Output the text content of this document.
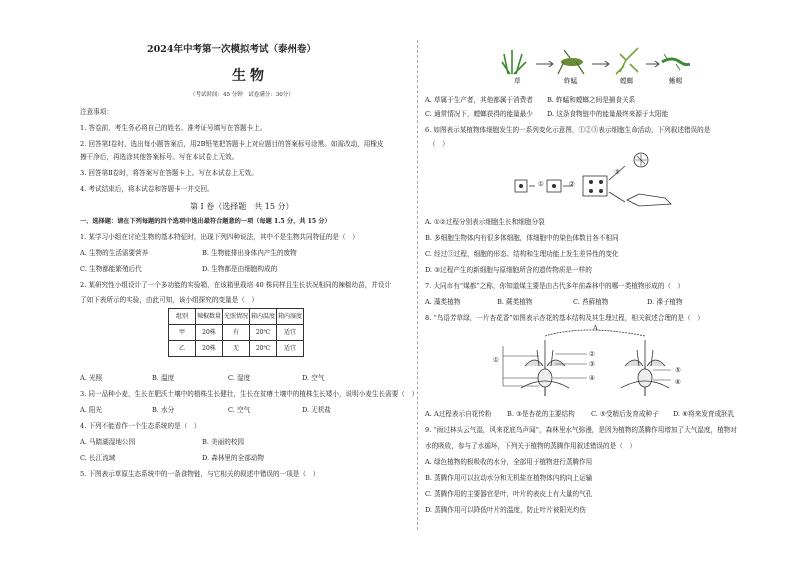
2024年中考第一次模拟考试（泰州卷）
生物
（考试时间：45 分钟　试卷满分：30分）
注意事项：
1. 答卷前，考生务必将自己的姓名、准考证号填写在答题卡上。
2. 回答第Ⅰ卷时，选出每小题答案后，用2B铅笔把答题卡上对应题目的答案标号涂黑。如需改动，用橡皮
擦干净后，再选涂其他答案标号。写在本试卷上无效。
3. 回答第Ⅱ卷时，将答案写在答题卡上。写在本试卷上无效。
4. 考试结束后，将本试卷和答题卡一并交回。
第 I 卷（选择题　共 15 分）
一、选择题：请在下列每题的四个选项中选出最符合题意的一项（每题 1.5 分，共 15 分）
1. 某学习小组在讨论生物的基本特征时，出现下列四种说法，其中不是生物共同特征的是（　）
A. 生物的生活需要营养	B. 生物能排出身体内产生的废物
C. 生物都能繁殖后代	D. 生物都是由细胞构成的
2. 某研究性小组设计了一个多功能的实验箱，在该箱里栽培 40 株同样且生长状况相同的辣椒幼苗，并设计
了如下表所示的实验，由此可知，该小组探究的变量是（　）
组别	辣椒数量	光照情况	箱内温度	箱内湿度
甲	20株	有	20℃	适宜
乙	20株	无	20℃	适宜
A. 光照	B. 温度	C. 湿度	D. 空气
3. 同一品种小麦，生长在肥沃土壤中的植株生长健壮，生长在贫瘠土壤中的植株生长矮小，说明小麦生长需要（　）
A. 阳光	B. 水分	C. 空气	D. 无机盐
4. 下列不能看作一个生态系统的是（　）
A. 马踏湖湿地公园	B. 美丽的校园
C. 长江流域	D. 森林里的全部动物
5. 下图表示草原生态系统中的一条食物链，与它相关的叙述中错误的一项是（　）
草	蚱蜢	螳螂	蜥蜴
A. 草属于生产者，其他都属于消费者 B. 蚱蜢和螳螂之间是捕食关系
C. 通常情况下，螳螂获得的能量最少 D. 这条食物链中的能量最终来源于太阳能
6. 如图表示某植物体细胞发生的一系列变化示意图，①②③表示细胞生命活动，下列叙述错误的是
（　）
①	②
③
A. ①②过程分别表示细胞生长和细胞分裂
B. 多细胞生物体内有很多体细胞，体细胞中的染色体数目各不相同
C. 经过③过程，细胞的形态、结构和生理功能上发生差异性的变化
D. ③过程产生的新细胞与原细胞所含的遗传物质是一样的
7. 大同市有“煤都”之称，你知道煤主要是由古代多年前森林中的哪一类植物形成的（　）
A. 藻类植物	B. 蕨类植物	C. 苔藓植物	D. 裸子植物
8. “鸟语芳草绿，一片杏花香”如图表示杏花的基本结构及其生理过程，相关叙述合理的是（　）
A
①
②
③
④
⑤
⑥
A. A过程表示自花传粉 B. ③是杏花的主要结构 C. ⑤受精后发育成种子 D. ⑥将来发育成胚乳
9. “雨过林头云气湿，风来花底鸟声闻”，森林里水气弥漫，是因为植物的蒸腾作用增加了大气湿度，植物对
水的吸收，参与了水循环，下列关于植物的蒸腾作用叙述错误的是（　）
A. 绿色植物的根吸收的水分，全部用于植物进行蒸腾作用
B. 蒸腾作用可以拉动水分和无机盐在植物体内的向上运输
C. 蒸腾作用的主要器官是叶，叶片的表皮上有大量的气孔
D. 蒸腾作用可以降低叶片的温度，防止叶片被阳光灼伤
